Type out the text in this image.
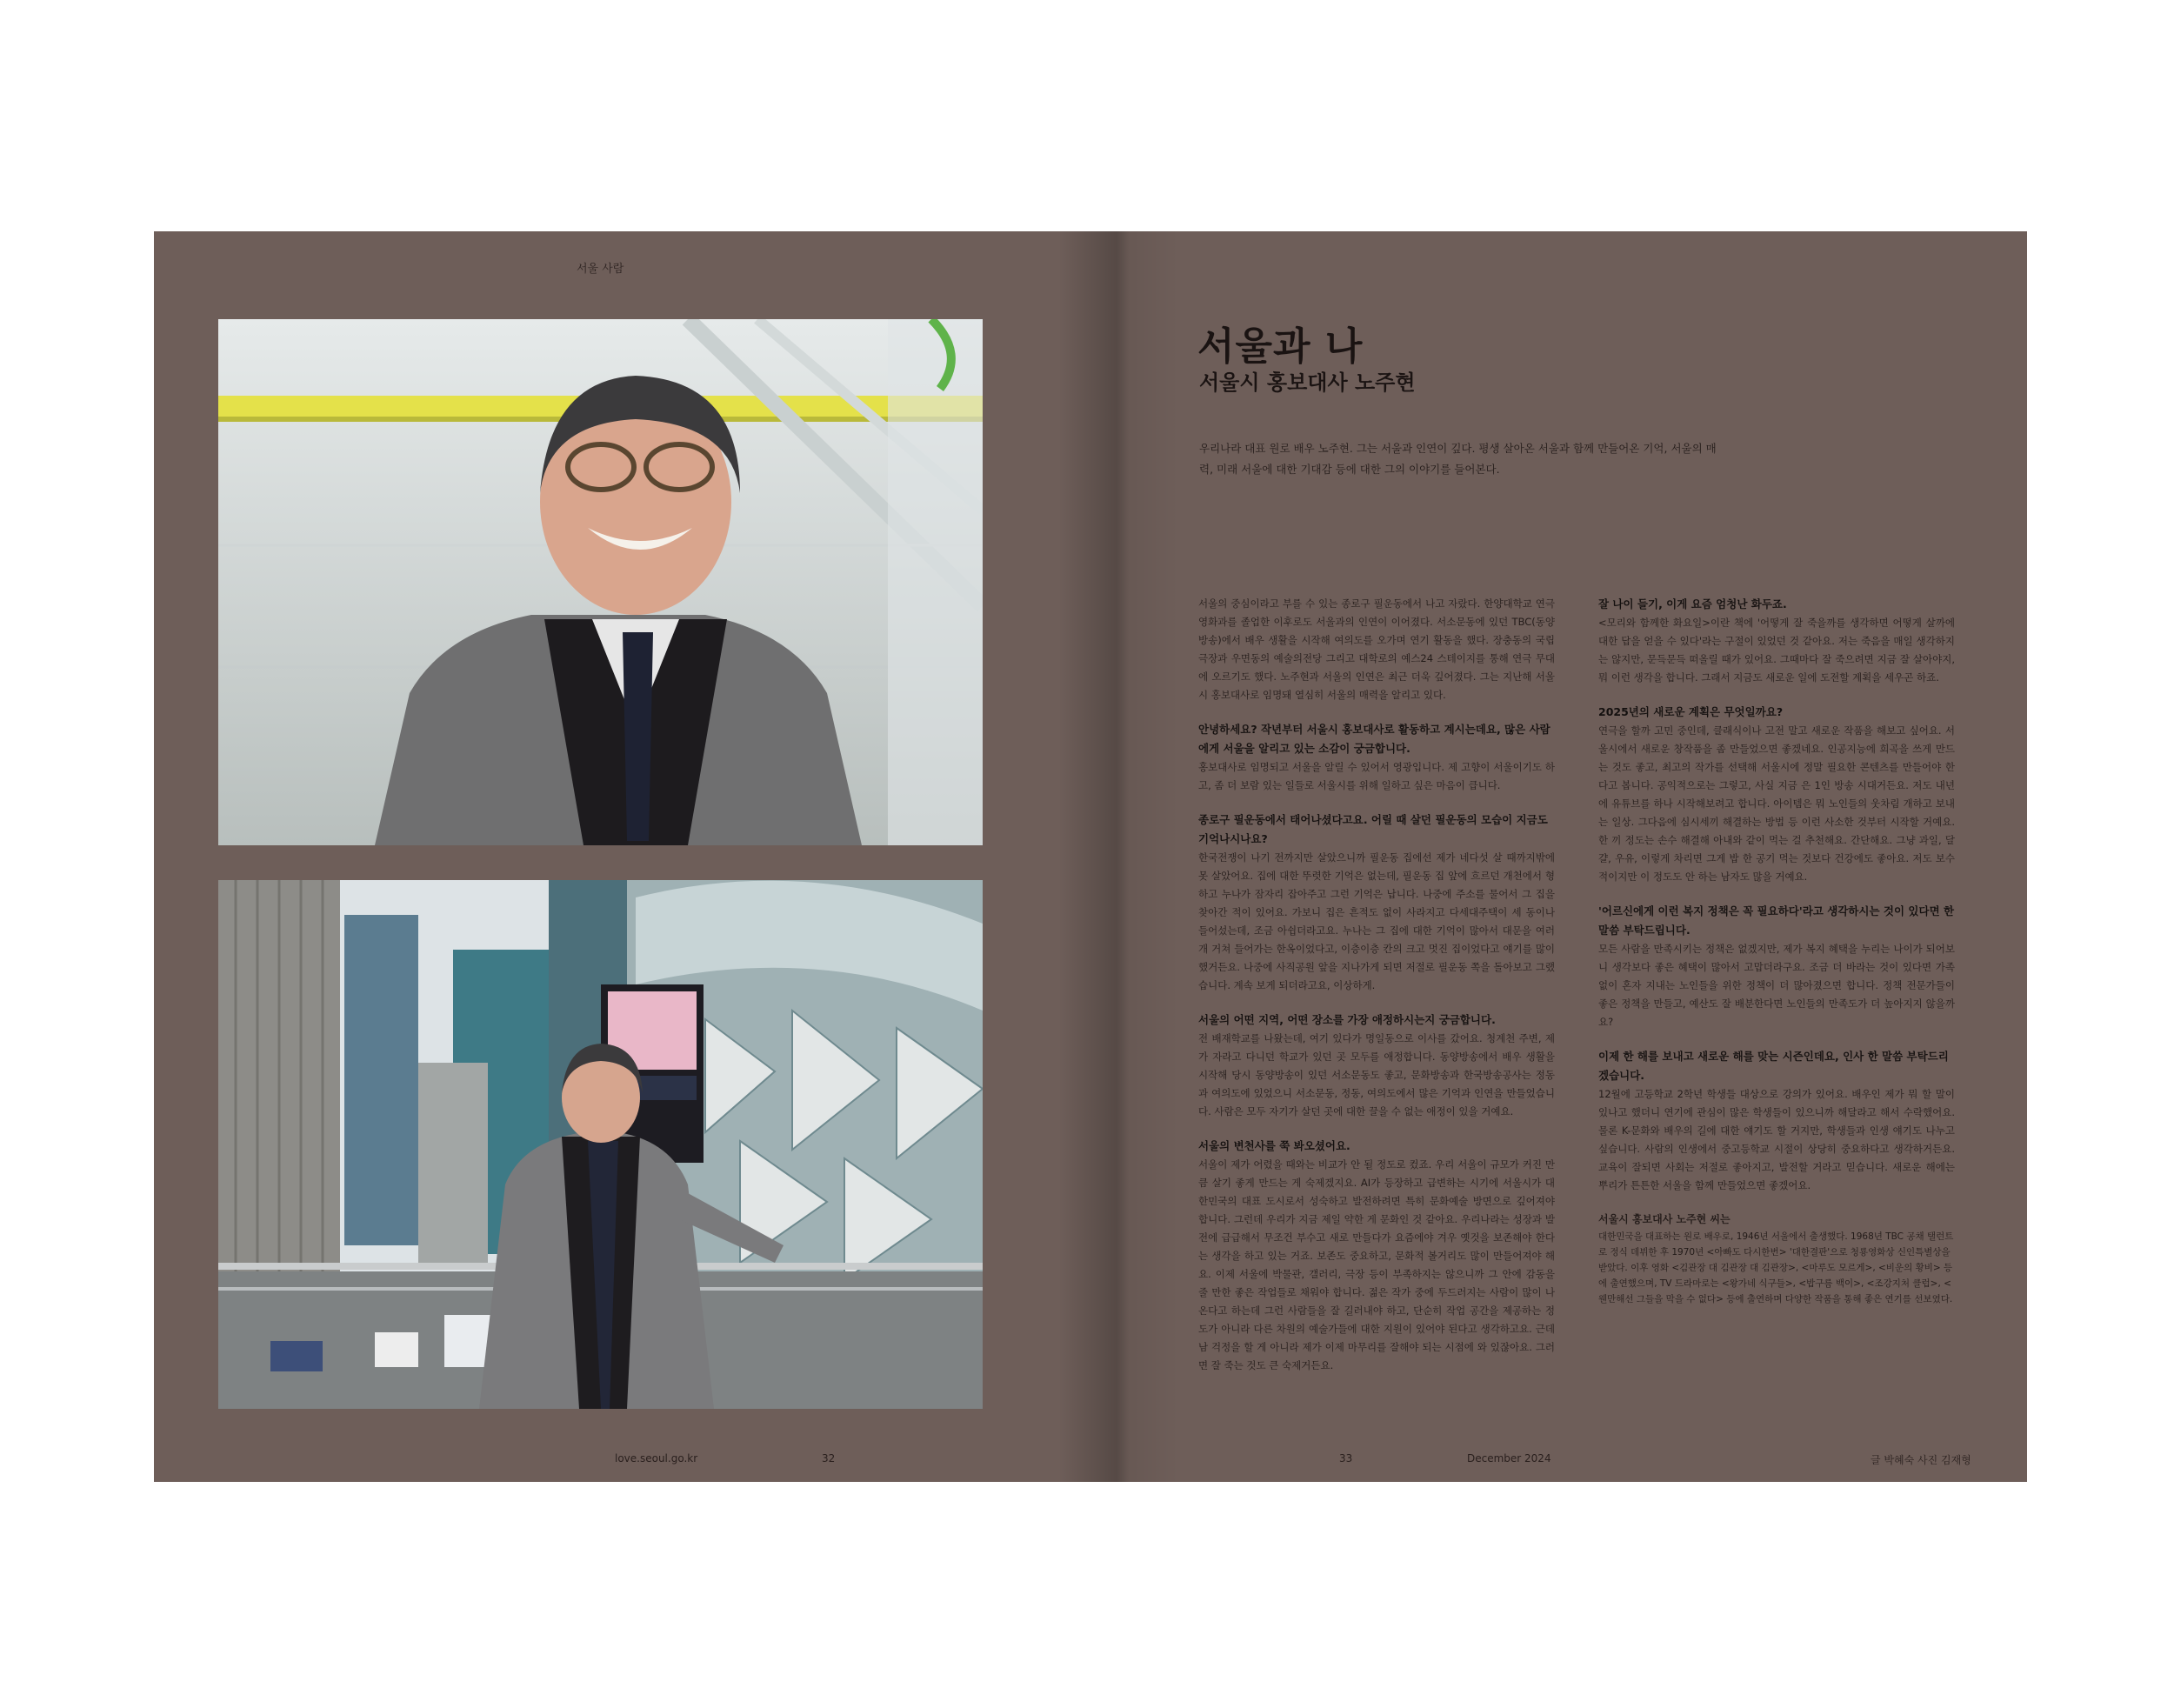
서울 사람
love.seoul.go.kr	32
서울과 나
서울시 홍보대사 노주현
우리나라 대표 원로 배우 노주현. 그는 서울과 인연이 깊다. 평생 살아온 서울과 함께 만들어온 기억, 서울의 매력, 미래 서울에 대한 기대감 등에 대한 그의 이야기를 들어본다.

서울의 중심이라고 부를 수 있는 종로구 필운동에서 나고 자랐다. 한양대학교 연극영화과를 졸업한 이후로도 서울과의 인연이 이어졌다. 서소문동에 있던 TBC(동양방송)에서 배우 생활을 시작해 여의도를 오가며 연기 활동을 했다. 장충동의 국립극장과 우면동의 예술의전당 그리고 대학로의 예스24 스테이지를 통해 연극 무대에 오르기도 했다. 노주현과 서울의 인연은 최근 더욱 깊어졌다. 그는 지난해 서울시 홍보대사로 임명돼 열심히 서울의 매력을 알리고 있다.

안녕하세요? 작년부터 서울시 홍보대사로 활동하고 계시는데요, 많은 사람에게 서울을 알리고 있는 소감이 궁금합니다.

홍보대사로 임명되고 서울을 알릴 수 있어서 영광입니다. 제 고향이 서울이기도 하고, 좀 더 보람 있는 일들로 서울시를 위해 일하고 싶은 마음이 큽니다.

종로구 필운동에서 태어나셨다고요. 어릴 때 살던 필운동의 모습이 지금도 기억나시나요?

한국전쟁이 나기 전까지만 살았으니까 필운동 집에선 제가 네다섯 살 때까지밖에 못 살았어요. 집에 대한 뚜렷한 기억은 없는데, 필운동 집 앞에 흐르던 개천에서 형하고 누나가 잠자리 잡아주고 그런 기억은 납니다. 나중에 주소를 물어서 그 집을 찾아간 적이 있어요. 가보니 집은 흔적도 없이 사라지고 다세대주택이 세 동이나 들어섰는데, 조금 아쉽더라고요. 누나는 그 집에 대한 기억이 많아서 대문을 여러 개 거쳐 들어가는 한옥이었다고, 이층이층 칸의 크고 멋진 집이었다고 얘기를 많이 했거든요. 나중에 사직공원 앞을 지나가게 되면 저절로 필운동 쪽을 돌아보고 그랬습니다. 계속 보게 되더라고요, 이상하게.

서울의 어떤 지역, 어떤 장소를 가장 애정하시는지 궁금합니다.

전 배재학교를 나왔는데, 여기 있다가 명일동으로 이사를 갔어요. 청계천 주변, 제가 자라고 다니던 학교가 있던 곳 모두를 애정합니다. 동양방송에서 배우 생활을 시작해 당시 동양방송이 있던 서소문동도 좋고, 문화방송과 한국방송공사는 정동과 여의도에 있었으니 서소문동, 정동, 여의도에서 많은 기억과 인연을 만들었습니다. 사람은 모두 자기가 살던 곳에 대한 끌을 수 없는 애정이 있을 거예요.

서울의 변천사를 쭉 봐오셨어요.

서울이 제가 어렸을 때와는 비교가 안 될 정도로 컸죠. 우리 서울이 규모가 커진 만큼 살기 좋게 만드는 게 숙제겠지요. AI가 등장하고 급변하는 시기에 서울시가 대한민국의 대표 도시로서 성숙하고 발전하려면 특히 문화예술 방면으로 깊어져야 합니다. 그런데 우리가 지금 제일 약한 게 문화인 것 같아요. 우리나라는 성장과 발전에 급급해서 무조건 부수고 새로 만들다가 요즘에야 겨우 옛것을 보존해야 한다는 생각을 하고 있는 거죠. 보존도 중요하고, 문화적 볼거리도 많이 만들어져야 해요. 이제 서울에 박물관, 갤러리, 극장 등이 부족하지는 않으니까 그 안에 감동을 줄 만한 좋은 작업들로 채워야 합니다. 젊은 작가 중에 두드러지는 사람이 많이 나온다고 하는데 그런 사람들을 잘 길러내야 하고, 단순히 작업 공간을 제공하는 정도가 아니라 다른 차원의 예술가들에 대한 지원이 있어야 된다고 생각하고요. 근데 남 걱정을 할 게 아니라 제가 이제 마무리를 잘해야 되는 시점에 와 있잖아요. 그러면 잘 죽는 것도 큰 숙제거든요.

잘 나이 들기, 이게 요즘 엄청난 화두죠.

<모리와 함께한 화요일>이란 책에 '어떻게 잘 죽을까를 생각하면 어떻게 살까에 대한 답을 얻을 수 있다'라는 구절이 있었던 것 같아요. 저는 죽음을 매일 생각하지는 않지만, 문득문득 떠올릴 때가 있어요. 그때마다 잘 죽으려면 지금 잘 살아야지, 뭐 이런 생각을 합니다. 그래서 지금도 새로운 일에 도전할 계획을 세우곤 하죠.

2025년의 새로운 계획은 무엇일까요?

연극을 할까 고민 중인데, 클래식이나 고전 말고 새로운 작품을 해보고 싶어요. 서울시에서 새로운 창작품을 좀 만들었으면 좋겠네요. 인공지능에 희곡을 쓰게 만드는 것도 좋고, 최고의 작가를 선택해 서울시에 정말 필요한 콘텐츠를 만들어야 한다고 봅니다. 공익적으로는 그렇고, 사실 지금 은 1인 방송 시대거든요. 저도 내년에 유튜브를 하나 시작해보려고 합니다. 아이템은 뭐 노인들의 웃차림 개하고 보내는 일상. 그다음에 심시세끼 해결하는 방법 등 이런 사소한 것부터 시작할 거예요. 한 끼 정도는 손수 해결해 아내와 같이 먹는 걸 추천해요. 간단해요. 그냥 과일, 달걀, 우유, 이렇게 차리면 그게 밥 한 공기 먹는 것보다 건강에도 좋아요. 저도 보수적이지만 이 정도도 안 하는 남자도 많을 거예요.

'어르신에게 이런 복지 정책은 꼭 필요하다'라고 생각하시는 것이 있다면 한 말씀 부탁드립니다.

모든 사람을 만족시키는 정책은 없겠지만, 제가 복지 혜택을 누리는 나이가 되어보니 생각보다 좋은 혜택이 많아서 고맙더라구요. 조금 더 바라는 것이 있다면 가족 없이 혼자 지내는 노인들을 위한 정책이 더 많아졌으면 합니다. 정책 전문가들이 좋은 정책을 만들고, 예산도 잘 배분한다면 노인들의 만족도가 더 높아지지 않을까요?

이제 한 해를 보내고 새로운 해를 맞는 시즌인데요, 인사 한 말씀 부탁드리겠습니다.

12월에 고등학교 2학년 학생들 대상으로 강의가 있어요. 배우인 제가 뭐 할 말이 있나고 했더니 연기에 관심이 많은 학생들이 있으니까 해달라고 해서 수락했어요. 물론 K-문화와 배우의 길에 대한 얘기도 할 거지만, 학생들과 인생 얘기도 나누고 싶습니다. 사람의 인생에서 중고등학교 시절이 상당히 중요하다고 생각하거든요. 교육이 잘되면 사회는 저절로 좋아지고, 발전할 거라고 믿습니다. 새로운 해에는 뿌리가 튼튼한 서울을 함께 만들었으면 좋겠어요.

서울시 홍보대사 노주현 씨는
대한민국을 대표하는 원로 배우로, 1946년 서울에서 출생했다. 1968년 TBC 공채 탤런트로 정식 데뷔한 후 1970년 <아빠도 다시한번> '대한결판'으로 청룡영화상 신인특별상을 받았다. 이후 영화 <김관장 대 김관장 대 김관장>, <마루도 모르게>, <비운의 황비> 등에 출연했으며, TV 드라마로는 <왕가네 식구들>, <밥구름 백이>, <조강지처 클럽>, <웬만해선 그들을 막을 수 없다> 등에 출연하며 다양한 작품을 통해 좋은 연기를 선보였다.
33	December 2024	글 박혜숙 사진 김재형
